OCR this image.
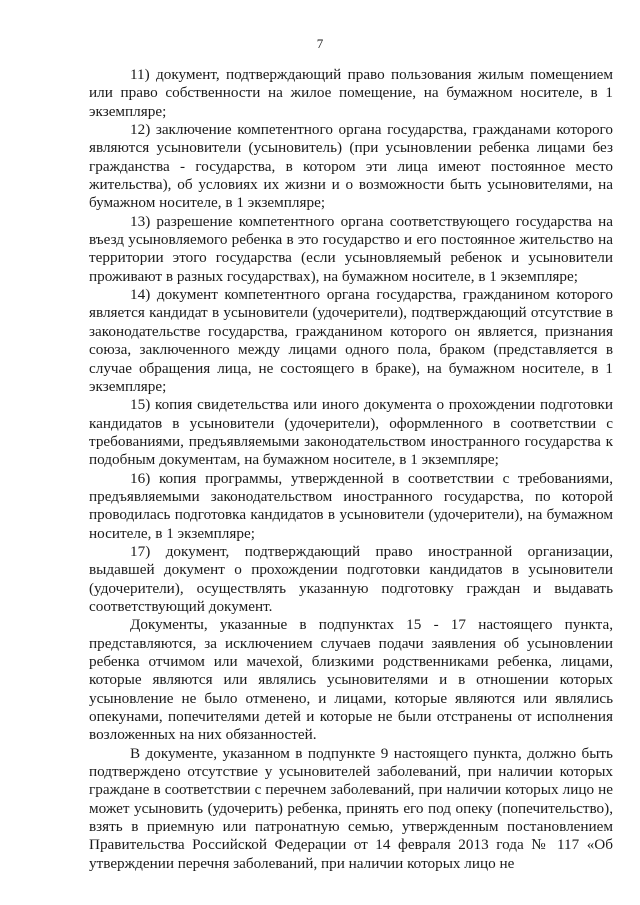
7

11) документ, подтверждающий право пользования жилым помещением или право собственности на жилое помещение, на бумажном носителе, в 1 экземпляре;

12) заключение компетентного органа государства, гражданами которого являются усыновители (усыновитель) (при усыновлении ребенка лицами без гражданства - государства, в котором эти лица имеют постоянное место жительства), об условиях их жизни и о возможности быть усыновителями, на бумажном носителе, в 1 экземпляре;

13) разрешение компетентного органа соответствующего государства на въезд усыновляемого ребенка в это государство и его постоянное жительство на территории этого государства (если усыновляемый ребенок и усыновители проживают в разных государствах), на бумажном носителе, в 1 экземпляре;

14) документ компетентного органа государства, гражданином которого является кандидат в усыновители (удочерители), подтверждающий отсутствие в законодательстве государства, гражданином которого он является, признания союза, заключенного между лицами одного пола, браком (представляется в случае обращения лица, не состоящего в браке), на бумажном носителе, в 1 экземпляре;

15) копия свидетельства или иного документа о прохождении подготовки кандидатов в усыновители (удочерители), оформленного в соответствии с требованиями, предъявляемыми законодательством иностранного государства к подобным документам, на бумажном носителе, в 1 экземпляре;

16) копия программы, утвержденной в соответствии с требованиями, предъявляемыми законодательством иностранного государства, по которой проводилась подготовка кандидатов в усыновители (удочерители), на бумажном носителе, в 1 экземпляре;

17) документ, подтверждающий право иностранной организации, выдавшей документ о прохождении подготовки кандидатов в усыновители (удочерители), осуществлять указанную подготовку граждан и выдавать соответствующий документ.

Документы, указанные в подпунктах 15 - 17 настоящего пункта, представляются, за исключением случаев подачи заявления об усыновлении ребенка отчимом или мачехой, близкими родственниками ребенка, лицами, которые являются или являлись усыновителями и в отношении которых усыновление не было отменено, и лицами, которые являются или являлись опекунами, попечителями детей и которые не были отстранены от исполнения возложенных на них обязанностей.

В документе, указанном в подпункте 9 настоящего пункта, должно быть подтверждено отсутствие у усыновителей заболеваний, при наличии которых граждане в соответствии с перечнем заболеваний, при наличии которых лицо не может усыновить (удочерить) ребенка, принять его под опеку (попечительство), взять в приемную или патронатную семью, утвержденным постановлением Правительства Российской Федерации от 14 февраля 2013 года № 117 «Об утверждении перечня заболеваний, при наличии которых лицо не
